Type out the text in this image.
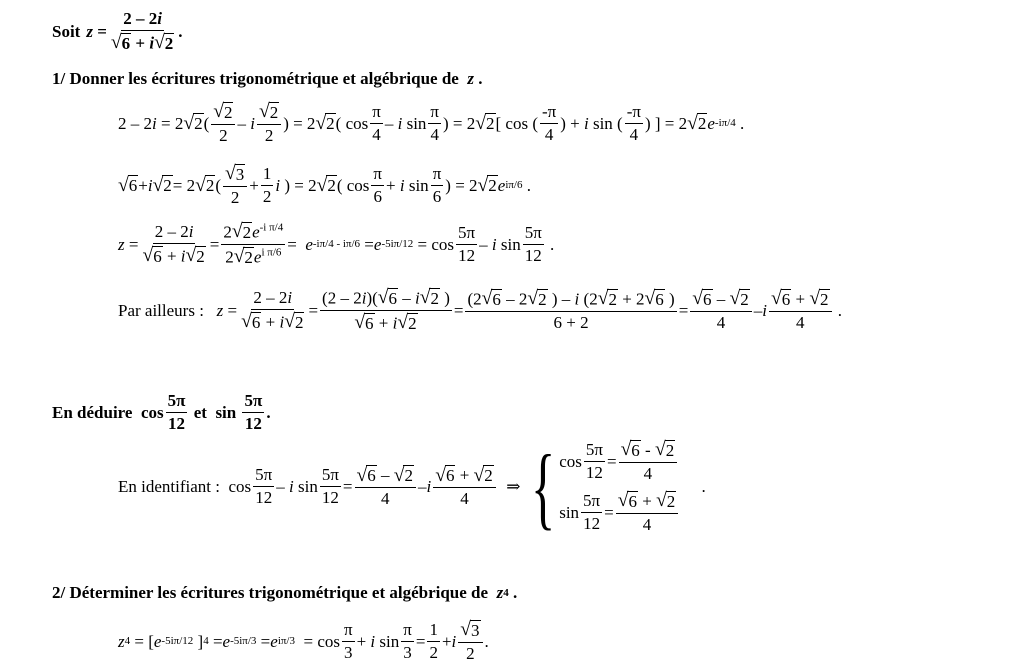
Soit $z = \frac{2 - 2i}{√ 6 + i √ 2}$ .
1/ Donner les écritures trigonométrique et algébrique de
z .
2 – 2 i = 2 √ 2 ( $\frac{√ 2}{2}$ – i $\frac{√ 2}{2}$ ) = 2 √ 2 ( $\cos \frac{\pi}{4}$ – i $\sin \frac{\pi}{4}$ ) = 2 √ 2 [ cos ( $\frac{-\pi}{4}$ ) + i sin ( $\frac{-\pi}{4}$ ) ] = 2 √ 2 e -iπ/4 .
√ 6 + i √ 2 = 2 √ 2 ( $\frac{√ 3}{2} + \frac{1}{2}$ i ) = 2 √ 2 ( $\cos \frac{\pi}{6} + i$ $\sin \frac{\pi}{6}$ ) = 2 √ 2 e iπ/6 .
$z = \frac{2 - 2i}{√ 6 + i √ 2} = \frac{2 √ 2 e^{-i \pi/4}}{2 √ 2 e^{i \pi/6}} = e$ -iπ/4 - iπ/6 = e $-5i\pi/12 = \cos \frac{5\pi}{12} - i$ $\sin \frac{5\pi}{12}$ .
Par ailleurs :
$z = \frac{2 - 2i}{√ 6 + i √ 2} = \frac{(2 - 2i)( √ 6 - i √ 2 )}{√ 6 + i √ 2} = \frac{(2 √ 6 - 2 √ 2 ) - i (2 √ 2 + 2 √ 6 )}{6 + 2} = \frac{√ 6 - √ 2}{4} - i \frac{√ 6 + √ 2}{4}$ .
En déduire $\cos \frac{5\pi}{12}$
et $\sin \frac{5\pi}{12}$ .
En identifiant : $\cos \frac{5\pi}{12}$ – i $\sin \frac{5\pi}{12} = \frac{√ 6 - √ 2}{4} - i \frac{√ 6 + √ 2}{4}$ ⇒ { $\cos \frac{5\pi}{12} = \frac{√ 6 - √ 2}{4}$
$\sin \frac{5\pi}{12} = \frac{√ 6 + √ 2}{4}$
.
2/ Déterminer les écritures trigonométrique et algébrique de
z 4 .
z 4 = [ e -5iπ/12 ] 4 = e -5iπ/3 = e $i\pi/3 = \cos \frac{\pi}{3} + i$ $\sin \frac{\pi}{3} = \frac{1}{2} + i \frac{√ 3}{2}$ .
